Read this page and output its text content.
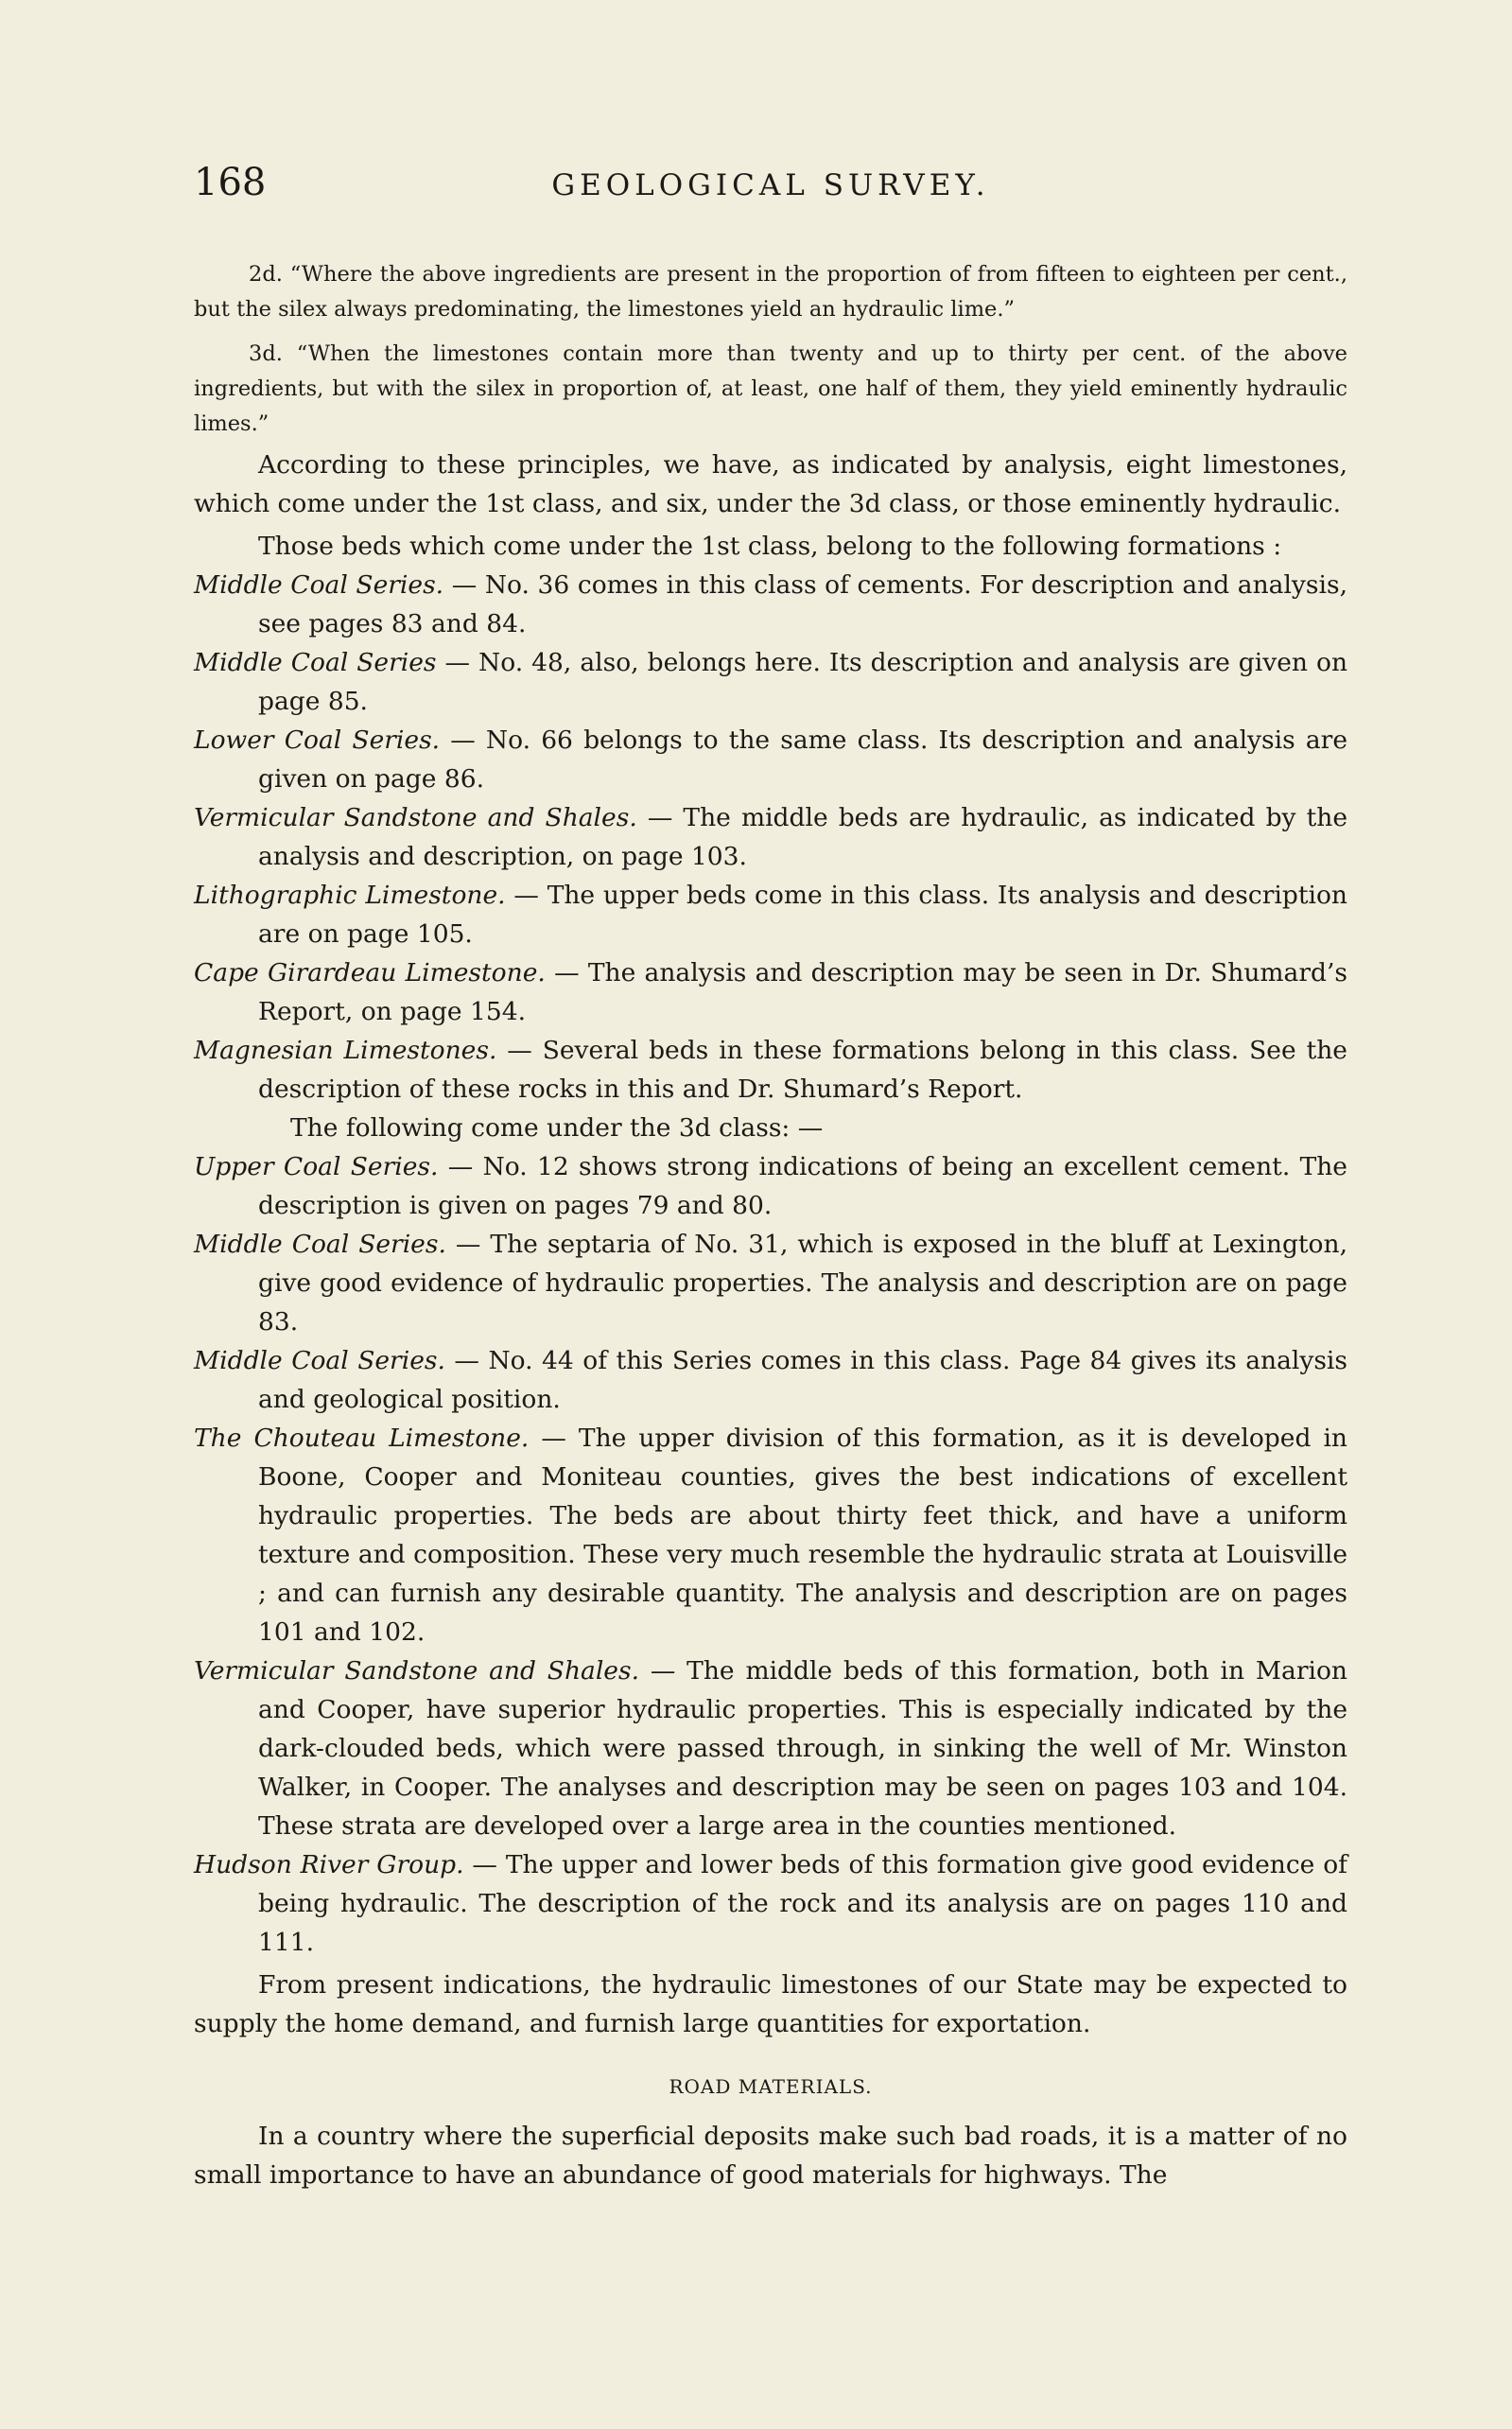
168	GEOLOGICAL SURVEY.

2d. “Where the above ingredients are present in the proportion of from fifteen to eighteen per cent., but the silex always predominating, the limestones yield an hydraulic lime.”

3d. “When the limestones contain more than twenty and up to thirty per cent. of the above ingredients, but with the silex in proportion of, at least, one half of them, they yield eminently hydraulic limes.”

According to these principles, we have, as indicated by analysis, eight limestones, which come under the 1st class, and six, under the 3d class, or those eminently hydraulic.

Those beds which come under the 1st class, belong to the following formations :

Middle Coal Series. — No. 36 comes in this class of cements. For description and analysis, see pages 83 and 84.

Middle Coal Series — No. 48, also, belongs here. Its description and analysis are given on page 85.

Lower Coal Series. — No. 66 belongs to the same class. Its description and analysis are given on page 86.

Vermicular Sandstone and Shales. — The middle beds are hydraulic, as indicated by the analysis and description, on page 103.

Lithographic Limestone. — The upper beds come in this class. Its analysis and description are on page 105.

Cape Girardeau Limestone. — The analysis and description may be seen in Dr. Shumard’s Report, on page 154.

Magnesian Limestones. — Several beds in these formations belong in this class. See the description of these rocks in this and Dr. Shumard’s Report.

The following come under the 3d class: —

Upper Coal Series. — No. 12 shows strong indications of being an excellent cement. The description is given on pages 79 and 80.

Middle Coal Series. — The septaria of No. 31, which is exposed in the bluff at Lexington, give good evidence of hydraulic properties. The analysis and description are on page 83.

Middle Coal Series. — No. 44 of this Series comes in this class. Page 84 gives its analysis and geological position.

The Chouteau Limestone. — The upper division of this formation, as it is developed in Boone, Cooper and Moniteau counties, gives the best indications of excellent hydraulic properties. The beds are about thirty feet thick, and have a uniform texture and composition. These very much resemble the hydraulic strata at Louisville ; and can furnish any desirable quantity. The analysis and description are on pages 101 and 102.

Vermicular Sandstone and Shales. — The middle beds of this formation, both in Marion and Cooper, have superior hydraulic properties. This is especially indicated by the dark-clouded beds, which were passed through, in sinking the well of Mr. Winston Walker, in Cooper. The analyses and description may be seen on pages 103 and 104. These strata are developed over a large area in the counties mentioned.

Hudson River Group. — The upper and lower beds of this formation give good evidence of being hydraulic. The description of the rock and its analysis are on pages 110 and 111.

From present indications, the hydraulic limestones of our State may be expected to supply the home demand, and furnish large quantities for exportation.

ROAD MATERIALS.

In a country where the superficial deposits make such bad roads, it is a matter of no small importance to have an abundance of good materials for highways. The
